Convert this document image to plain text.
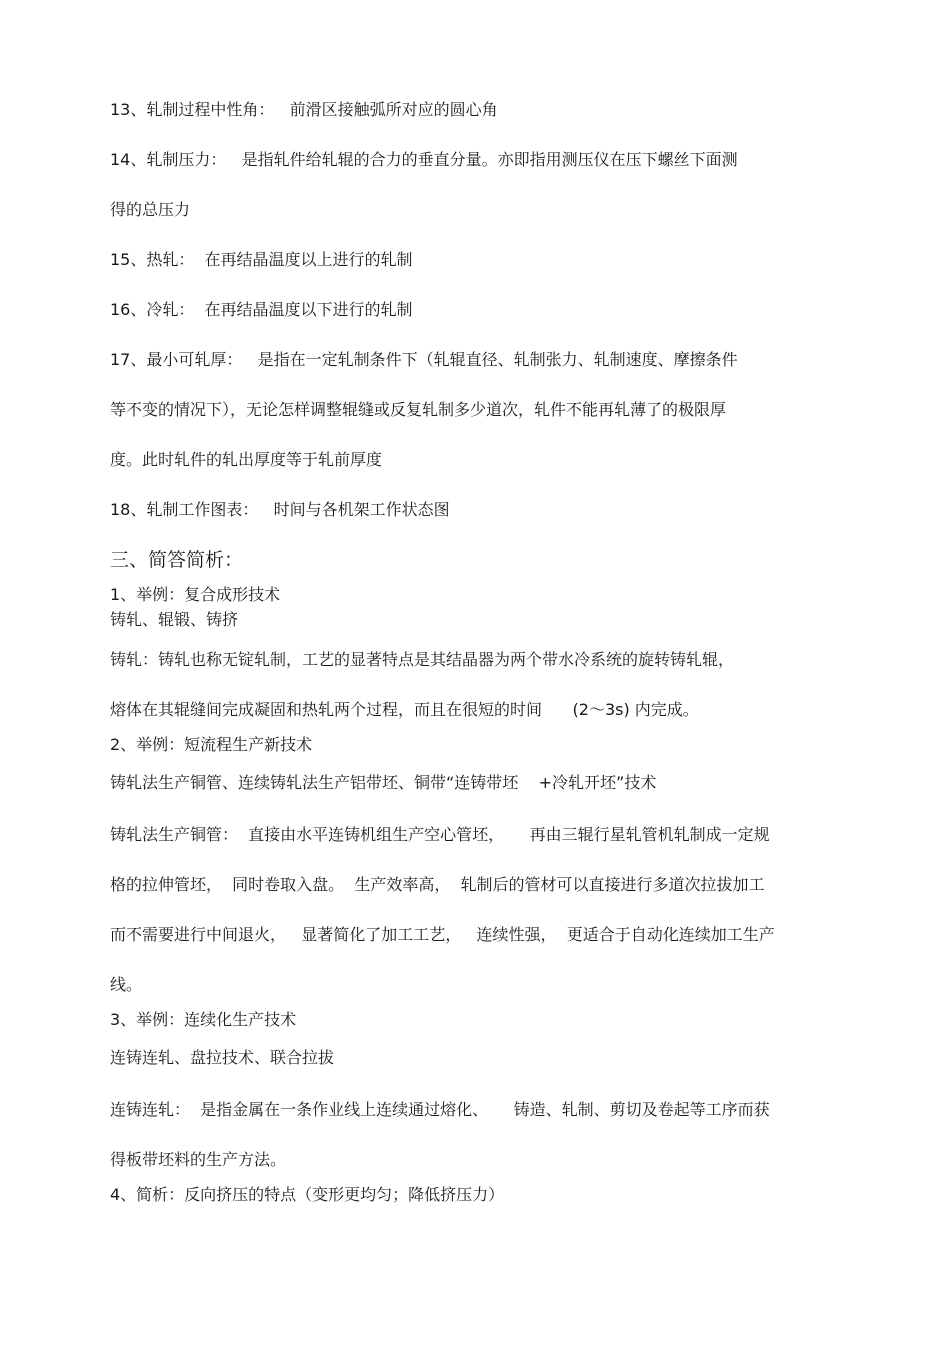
13、轧制过程中性角：   前滑区接触弧所对应的圆心角
14、轧制压力：   是指轧件给轧辊的合力的垂直分量。亦即指用测压仪在压下螺丝下面测
得的总压力
15、热轧：  在再结晶温度以上进行的轧制
16、冷轧：  在再结晶温度以下进行的轧制
17、最小可轧厚：   是指在一定轧制条件下（轧辊直径、轧制张力、轧制速度、摩擦条件
等不变的情况下），无论怎样调整辊缝或反复轧制多少道次，轧件不能再轧薄了的极限厚
度。此时轧件的轧出厚度等于轧前厚度
18、轧制工作图表：   时间与各机架工作状态图
三、简答简析：
1、举例：复合成形技术
铸轧、辊锻、铸挤
铸轧：铸轧也称无锭轧制，工艺的显著特点是其结晶器为两个带水冷系统的旋转铸轧辊，
熔体在其辊缝间完成凝固和热轧两个过程，而且在很短的时间      (2～3s) 内完成。
2、举例：短流程生产新技术
铸轧法生产铜管、连续铸轧法生产铝带坯、铜带“连铸带坯    +冷轧开坯”技术
铸轧法生产铜管：  直接由水平连铸机组生产空心管坯，     再由三辊行星轧管机轧制成一定规
格的拉伸管坯，  同时卷取入盘。  生产效率高，  轧制后的管材可以直接进行多道次拉拔加工
而不需要进行中间退火，   显著简化了加工工艺，   连续性强，  更适合于自动化连续加工生产
线。
3、举例：连续化生产技术
连铸连轧、盘拉技术、联合拉拔
连铸连轧：  是指金属在一条作业线上连续通过熔化、     铸造、轧制、剪切及卷起等工序而获
得板带坯料的生产方法。
4、简析：反向挤压的特点（变形更均匀；降低挤压力）
